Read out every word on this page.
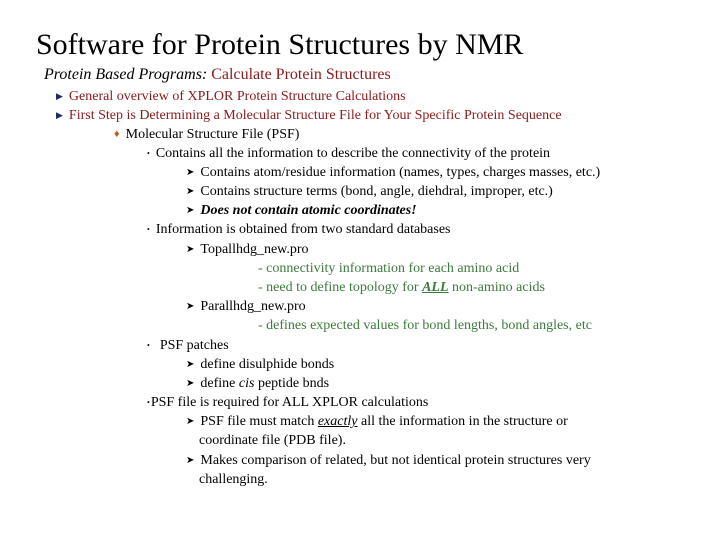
Software for Protein Structures by NMR
Protein Based Programs: Calculate Protein Structures
▶ General overview of XPLOR Protein Structure Calculations
▶ First Step is Determining a Molecular Structure File for Your Specific Protein Sequence
♦ Molecular Structure File (PSF)
• Contains all the information to describe the connectivity of the protein
➤ Contains atom/residue information (names, types, charges masses, etc.)
➤ Contains structure terms (bond, angle, diehdral, improper, etc.)
➤ Does not contain atomic coordinates!
• Information is obtained from two standard databases
➤ Topallhdg_new.pro
- connectivity information for each amino acid
- need to define topology for ALL non-amino acids
➤ Parallhdg_new.pro
- defines expected values for bond lengths, bond angles, etc
• PSF patches
➤ define disulphide bonds
➤ define cis peptide bnds
•PSF file is required for ALL XPLOR calculations
➤ PSF file must match exactly all the information in the structure or
coordinate file (PDB file).
➤ Makes comparison of related, but not identical protein structures very
challenging.
